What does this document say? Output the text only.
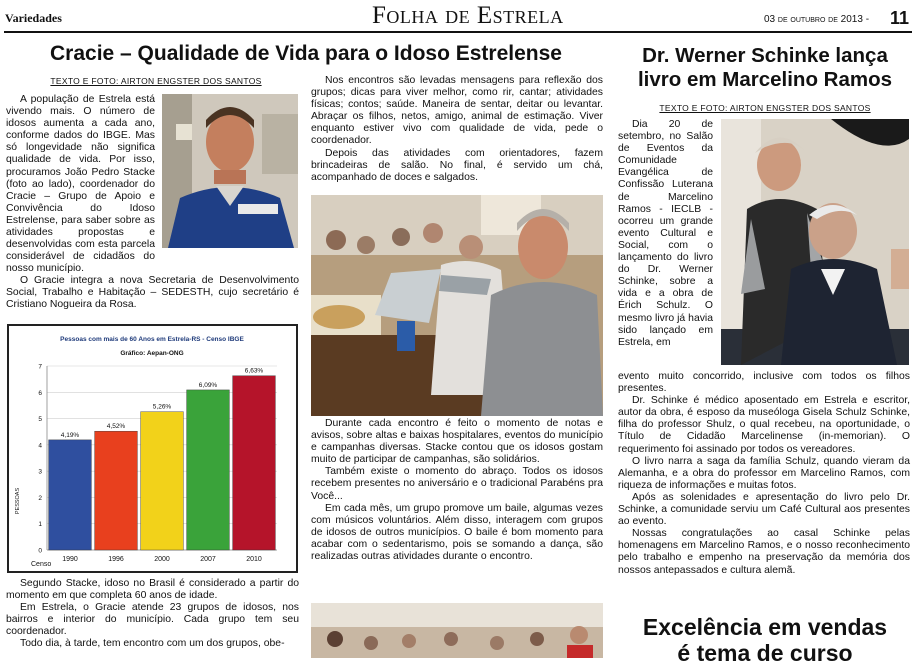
Variedades	Folha de Estrela	03 de outubro de 2013 - 11
Cracie – Qualidade de Vida para o Idoso Estrelense
TEXTO E FOTO: AIRTON ENGSTER DOS SANTOS

A população de Estrela está vivendo mais. O número de idosos aumenta a cada ano, conforme dados do IBGE. Mas só longevidade não significa qualidade de vida. Por isso, procuramos João Pedro Stacke (foto ao lado), coordenador do Cracie – Grupo de Apoio e Convivência do Idoso Estrelense, para saber sobre as atividades propostas e desenvolvidas com esta parcela considerável de cidadãos do nosso município.

O Gracie integra a nova Secretaria de Desenvolvimento Social, Trabalho e Habitação – SEDESTH, cujo secretário é Cristiano Nogueira da Rosa.

Pessoas com mais de 60 Anos em Estrela-RS - Censo IBGE
Gráfico: Aepan-ONG
0
1
2
3
4
5
6
7
4,19%
4,52%
5,26%
6,09%
6,63%
1990	1996	2000	2007	2010
PESSOAS
Censo

Segundo Stacke, idoso no Brasil é considerado a partir do momento em que completa 60 anos de idade.

Em Estrela, o Gracie atende 23 grupos de idosos, nos bairros e interior do município. Cada grupo tem seu coordenador.

Todo dia, à tarde, tem encontro com um dos grupos, obe-

Nos encontros são levadas mensagens para reflexão dos grupos; dicas para viver melhor, como rir, cantar; atividades físicas; contos; saúde. Maneira de sentar, deitar ou levantar. Abraçar os filhos, netos, amigo, animal de estimação. Viver enquanto estiver vivo com qualidade de vida, pede o coordenador.

Depois das atividades com orientadores, fazem brincadeiras de salão. No final, é servido um chá, acompanhado de doces e salgados.

Durante cada encontro é feito o momento de notas e avisos, sobre altas e baixas hospitalares, eventos do município e campanhas diversas. Stacke contou que os idosos gostam muito de participar de campanhas, são solidários.

Também existe o momento do abraço. Todos os idosos recebem presentes no aniversário e o tradicional Parabéns pra Você...

Em cada mês, um grupo promove um baile, algumas vezes com músicos voluntários. Além disso, interagem com grupos de idosos de outros municípios. O baile é bom momento para acabar com o sedentarismo, pois se somando a dança, são realizadas outras atividades durante o encontro.

Dr. Werner Schinke lança livro em Marcelino Ramos
TEXTO E FOTO: AIRTON ENGSTER DOS SANTOS

Dia 20 de setembro, no Salão de Eventos da Comunidade Evangélica de Confissão Luterana de Marcelino Ramos - IECLB - ocorreu um grande evento Cultural e Social, com o lançamento do livro do Dr. Werner Schinke, sobre a vida e a obra de Érich Schulz. O mesmo livro já havia sido lançado em Estrela, em

evento muito concorrido, inclusive com todos os filhos presentes.

Dr. Schinke é médico aposentado em Estrela e escritor, autor da obra, é esposo da museóloga Gisela Schulz Schinke, filha do professor Shulz, o qual recebeu, na oportunidade, o Título de Cidadão Marcelinense (in-memorian). O requerimento foi assinado por todos os vereadores.

O livro narra a saga da família Schulz, quando vieram da Alemanha, e a obra do professor em Marcelino Ramos, com riqueza de informações e muitas fotos.

Após as solenidades e apresentação do livro pelo Dr. Schinke, a comunidade serviu um Café Cultural aos presentes ao evento.

Nossas congratulações ao casal Schinke pelas homenagens em Marcelino Ramos, e o nosso reconhecimento pelo trabalho e empenho na preservação da memória dos nossos antepassados e cultura alemã.

Excelência em vendas
é tema de curso
